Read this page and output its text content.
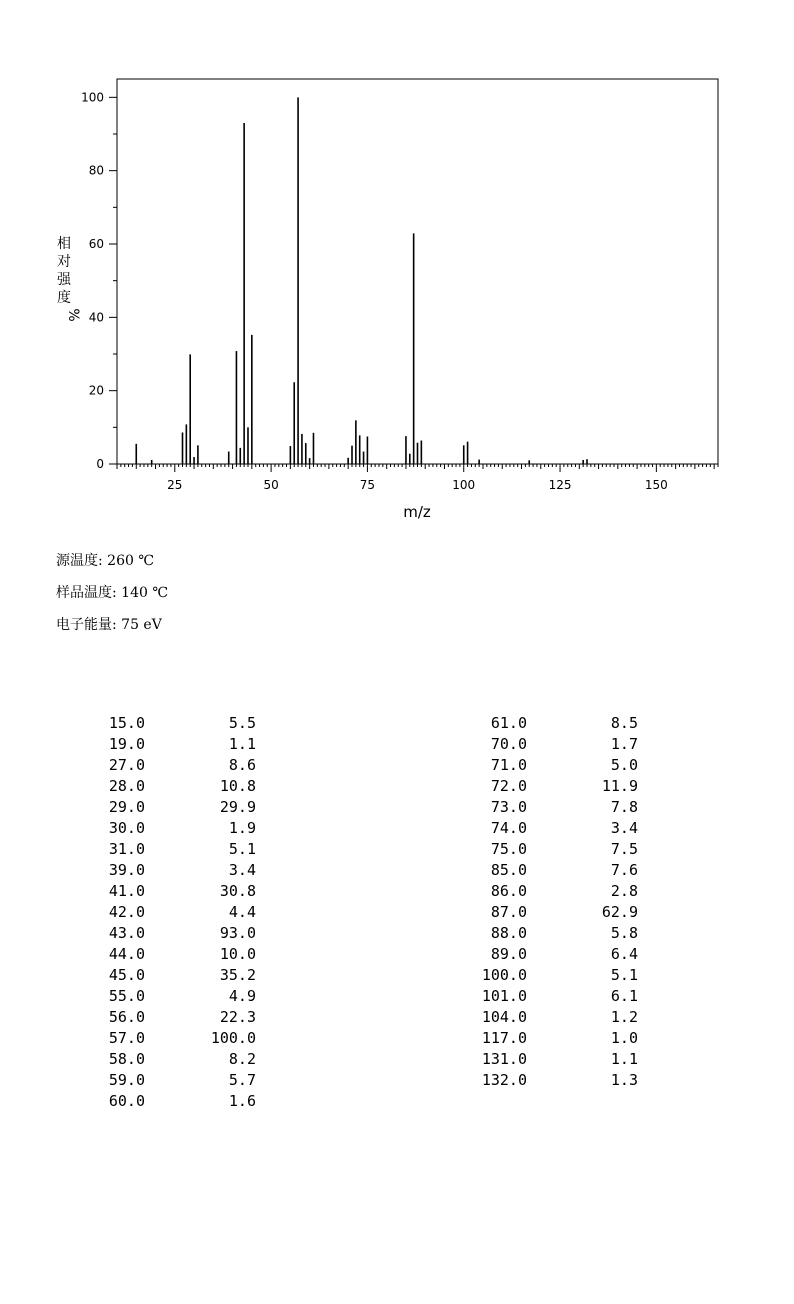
25	50	75	100	125	150
0
20
40
60
80
100
m/z
相
对
强
度
%
源温度: 260 ℃
样品温度: 140 ℃
电子能量: 75 eV
15.0	5.5
19.0	1.1
27.0	8.6
28.0	10.8
29.0	29.9
30.0	1.9
31.0	5.1
39.0	3.4
41.0	30.8
42.0	4.4
43.0	93.0
44.0	10.0
45.0	35.2
55.0	4.9
56.0	22.3
57.0	100.0
58.0	8.2
59.0	5.7
60.0	1.6
61.0	8.5
70.0	1.7
71.0	5.0
72.0	11.9
73.0	7.8
74.0	3.4
75.0	7.5
85.0	7.6
86.0	2.8
87.0	62.9
88.0	5.8
89.0	6.4
100.0	5.1
101.0	6.1
104.0	1.2
117.0	1.0
131.0	1.1
132.0	1.3
